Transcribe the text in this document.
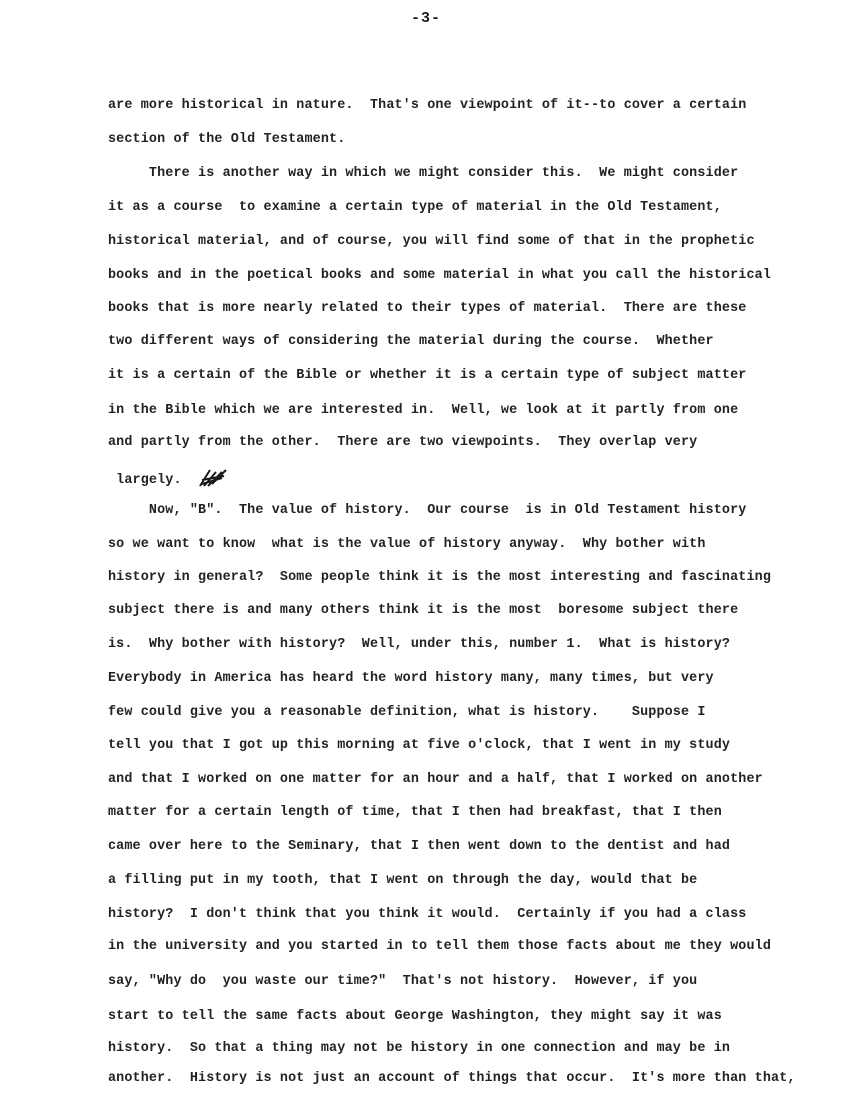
-3-
are more historical in nature.  That's one viewpoint of it--to cover a certain
section of the Old Testament.
There is another way in which we might consider this.  We might consider
it as a course  to examine a certain type of material in the Old Testament,
historical material, and of course, you will find some of that in the prophetic
books and in the poetical books and some material in what you call the historical
books that is more nearly related to their types of material.  There are these
two different ways of considering the material during the course.  Whether
it is a certain of the Bible or whether it is a certain type of subject matter
in the Bible which we are interested in.  Well, we look at it partly from one
and partly from the other.  There are two viewpoints.  They overlap very
largely.
Now, "B".  The value of history.  Our course  is in Old Testament history
so we want to know  what is the value of history anyway.  Why bother with
history in general?  Some people think it is the most interesting and fascinating
subject there is and many others think it is the most  boresome subject there
is.  Why bother with history?  Well, under this, number 1.  What is history?
Everybody in America has heard the word history many, many times, but very
few could give you a reasonable definition, what is history.    Suppose I
tell you that I got up this morning at five o'clock, that I went in my study
and that I worked on one matter for an hour and a half, that I worked on another
matter for a certain length of time, that I then had breakfast, that I then
came over here to the Seminary, that I then went down to the dentist and had
a filling put in my tooth, that I went on through the day, would that be
history?  I don't think that you think it would.  Certainly if you had a class
in the university and you started in to tell them those facts about me they would
say, "Why do  you waste our time?"  That's not history.  However, if you
start to tell the same facts about George Washington, they might say it was
history.  So that a thing may not be history in one connection and may be in
another.  History is not just an account of things that occur.  It's more than that,
